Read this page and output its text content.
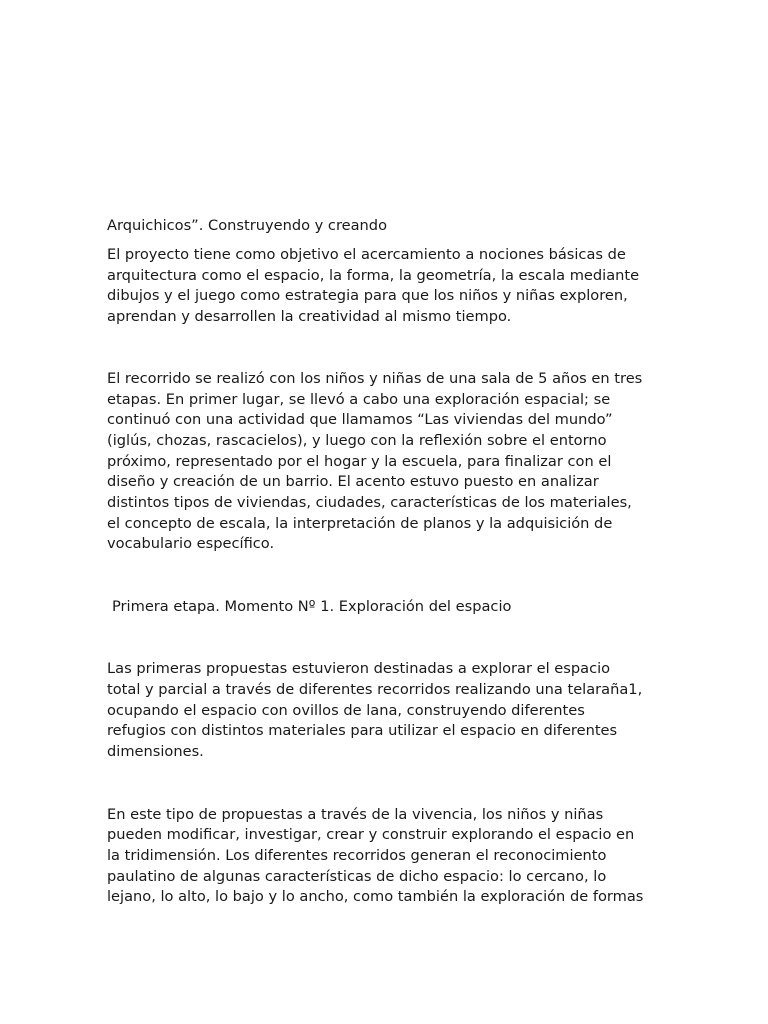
Arquichicos”. Construyendo y creando

El proyecto tiene como objetivo el acercamiento a nociones básicas de
arquitectura como el espacio, la forma, la geometría, la escala mediante
dibujos y el juego como estrategia para que los niños y niñas exploren,
aprendan y desarrollen la creatividad al mismo tiempo.

El recorrido se realizó con los niños y niñas de una sala de 5 años en tres
etapas. En primer lugar, se llevó a cabo una exploración espacial; se
continuó con una actividad que llamamos “Las viviendas del mundo”
(iglús, chozas, rascacielos), y luego con la reflexión sobre el entorno
próximo, representado por el hogar y la escuela, para finalizar con el
diseño y creación de un barrio. El acento estuvo puesto en analizar
distintos tipos de viviendas, ciudades, características de los materiales,
el concepto de escala, la interpretación de planos y la adquisición de
vocabulario específico.

Primera etapa. Momento Nº 1. Exploración del espacio

Las primeras propuestas estuvieron destinadas a explorar el espacio
total y parcial a través de diferentes recorridos realizando una telaraña1,
ocupando el espacio con ovillos de lana, construyendo diferentes
refugios con distintos materiales para utilizar el espacio en diferentes
dimensiones.

En este tipo de propuestas a través de la vivencia, los niños y niñas
pueden modificar, investigar, crear y construir explorando el espacio en
la tridimensión. Los diferentes recorridos generan el reconocimiento
paulatino de algunas características de dicho espacio: lo cercano, lo
lejano, lo alto, lo bajo y lo ancho, como también la exploración de formas
